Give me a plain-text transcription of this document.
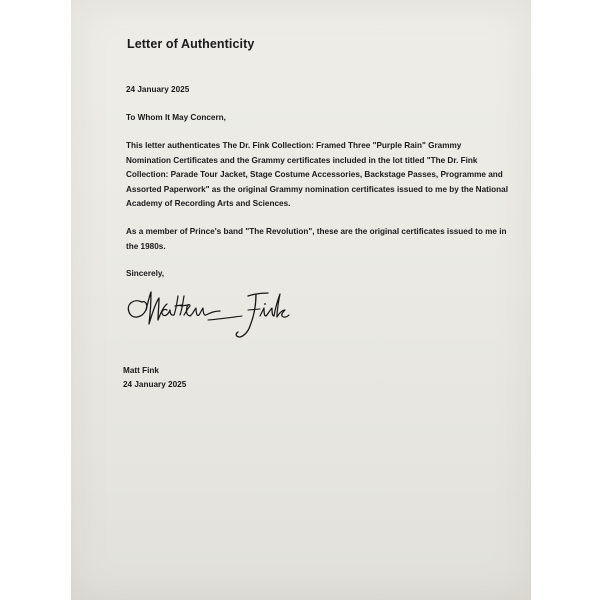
Letter of Authenticity

24 January 2025

To Whom It May Concern,

This letter authenticates The Dr. Fink Collection: Framed Three "Purple Rain" Grammy Nomination Certificates and the Grammy certificates included in the lot titled "The Dr. Fink Collection: Parade Tour Jacket, Stage Costume Accessories, Backstage Passes, Programme and Assorted Paperwork" as the original Grammy nomination certificates issued to me by the National Academy of Recording Arts and Sciences.

As a member of Prince's band "The Revolution", these are the original certificates issued to me in the 1980s.

Sincerely,

Matt Fink

24 January 2025
